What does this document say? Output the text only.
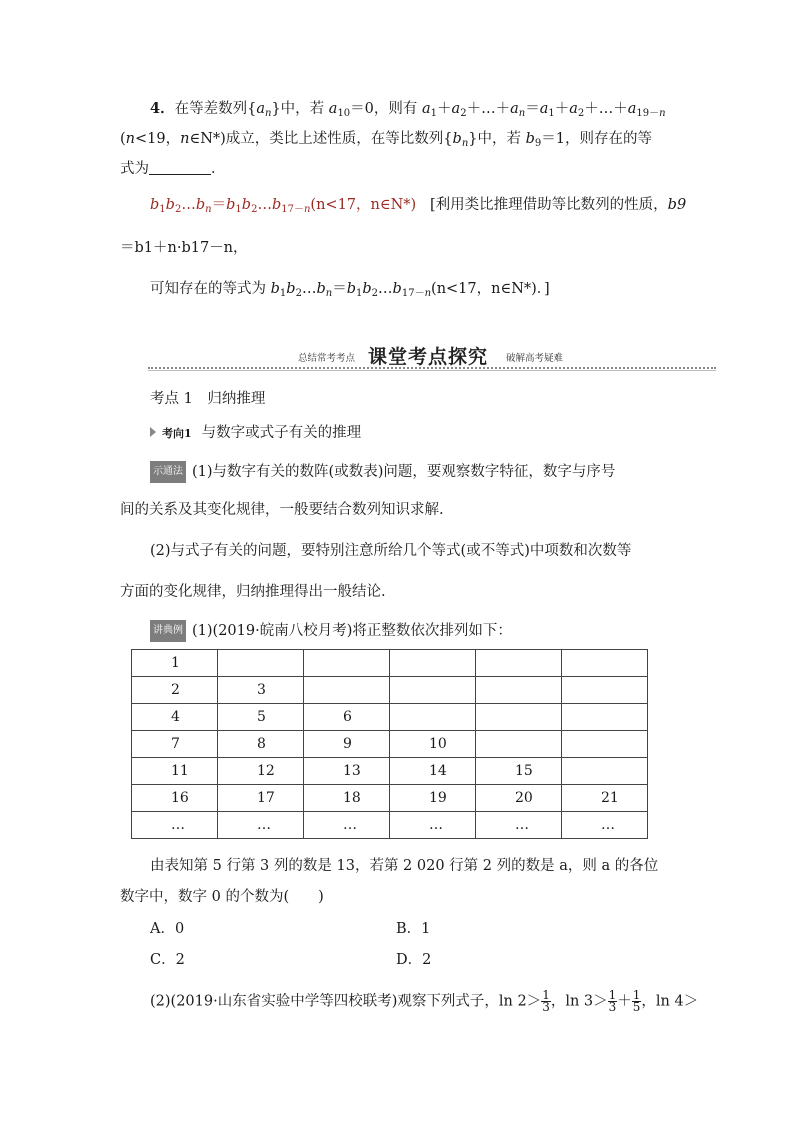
4．在等差数列$\{a_n\}$中，若 $a_{10}=0$，则有 $a_1+a_2+\dots+a_n=a_1+a_2+\dots+a_{19-n}$
(n<19，n∈N*)成立，类比上述性质，在等比数列$\{b_n\}$中，若 $b_9=1$，则存在的等
式为	．
$b_1b_2\dots b_n=b_1b_2\dots b_{17-n}(n<17$，n∈N*) [利用类比推理借助等比数列的性质，b9
＝b1＋n·b17－n，
可知存在的等式为 $b_1b_2\dots b_n=b_1b_2\dots b_{17-n}(n<17$，n∈N*)．]
总结常考考点 课堂考点探究 破解高考疑难
考点 1　归纳推理
考向1 与数字或式子有关的推理
示通法 (1)与数字有关的数阵(或数表)问题，要观察数字特征，数字与序号
间的关系及其变化规律，一般要结合数列知识求解.
(2)与式子有关的问题，要特别注意所给几个等式(或不等式)中项数和次数等
方面的变化规律，归纳推理得出一般结论.
讲典例 (1)(2019·皖南八校月考)将正整数依次排列如下：
1					
2	3				
4	5	6			
7	8	9	10		
11	12	13	14	15	
16	17	18	19	20	21
…	…	…	…	…	…
由表知第 5 行第 3 列的数是 13，若第 2 020 行第 2 列的数是 a，则 a 的各位
数字中，数字 0 的个数为(　　)
A．0	B．1
C．2	D．2
(2)(2019·山东省实验中学等四校联考)观察下列式子，$\ln 2> \frac{1}{3}$ ，$\ln 3> \frac{1}{3} + \frac{1}{5}$ ，ln 4＞
